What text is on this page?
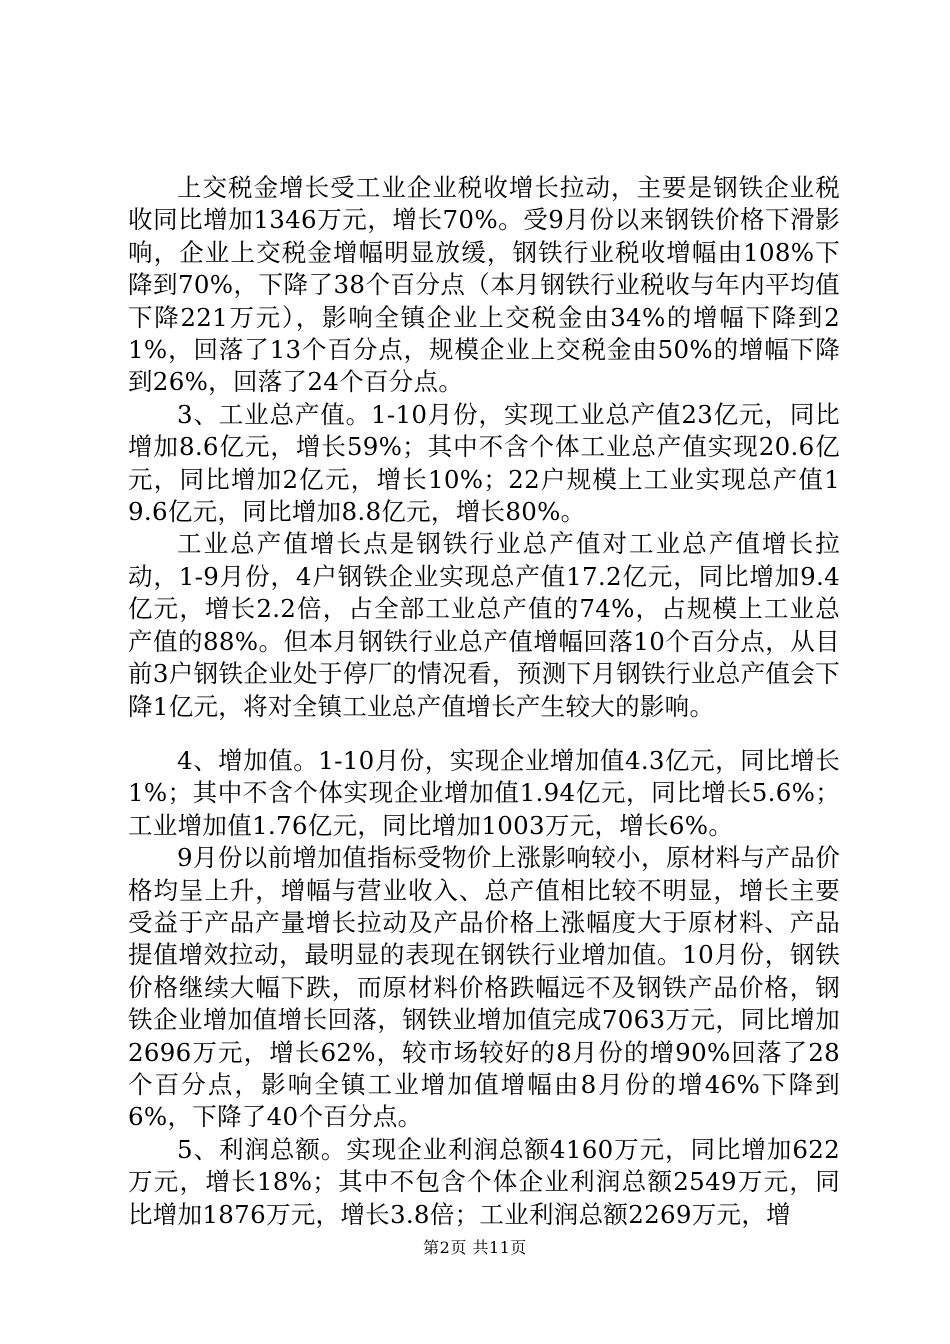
上交税金增长受工业企业税收增长拉动，主要是钢铁企业税收同比增加1346万元，增长70%。受9月份以来钢铁价格下滑影响，企业上交税金增幅明显放缓，钢铁行业税收增幅由108%下降到70%，下降了38个百分点（本月钢铁行业税收与年内平均值下降221万元），影响全镇企业上交税金由34%的增幅下降到21%，回落了13个百分点，规模企业上交税金由50%的增幅下降到26%，回落了24个百分点。

3、工业总产值。1-10月份，实现工业总产值23亿元，同比增加8.6亿元，增长59%；其中不含个体工业总产值实现20.6亿元，同比增加2亿元，增长10%；22户规模上工业实现总产值19.6亿元，同比增加8.8亿元，增长80%。

工业总产值增长点是钢铁行业总产值对工业总产值增长拉动，1-9月份，4户钢铁企业实现总产值17.2亿元，同比增加9.4亿元，增长2.2倍，占全部工业总产值的74%，占规模上工业总产值的88%。但本月钢铁行业总产值增幅回落10个百分点，从目前3户钢铁企业处于停厂的情况看，预测下月钢铁行业总产值会下降1亿元，将对全镇工业总产值增长产生较大的影响。

4、增加值。1-10月份，实现企业增加值4.3亿元，同比增长1%；其中不含个体实现企业增加值1.94亿元，同比增长5.6%；工业增加值1.76亿元，同比增加1003万元，增长6%。

9月份以前增加值指标受物价上涨影响较小，原材料与产品价格均呈上升，增幅与营业收入、总产值相比较不明显，增长主要受益于产品产量增长拉动及产品价格上涨幅度大于原材料、产品提值增效拉动，最明显的表现在钢铁行业增加值。10月份，钢铁价格继续大幅下跌，而原材料价格跌幅远不及钢铁产品价格，钢铁企业增加值增长回落，钢铁业增加值完成7063万元，同比增加2696万元，增长62%，较市场较好的8月份的增90%回落了28个百分点，影响全镇工业增加值增幅由8月份的增46%下降到6%，下降了40个百分点。

5、利润总额。实现企业利润总额4160万元，同比增加622万元，增长18%；其中不包含个体企业利润总额2549万元，同比增加1876万元，增长3.8倍；工业利润总额2269万元，增

第2页 共11页
